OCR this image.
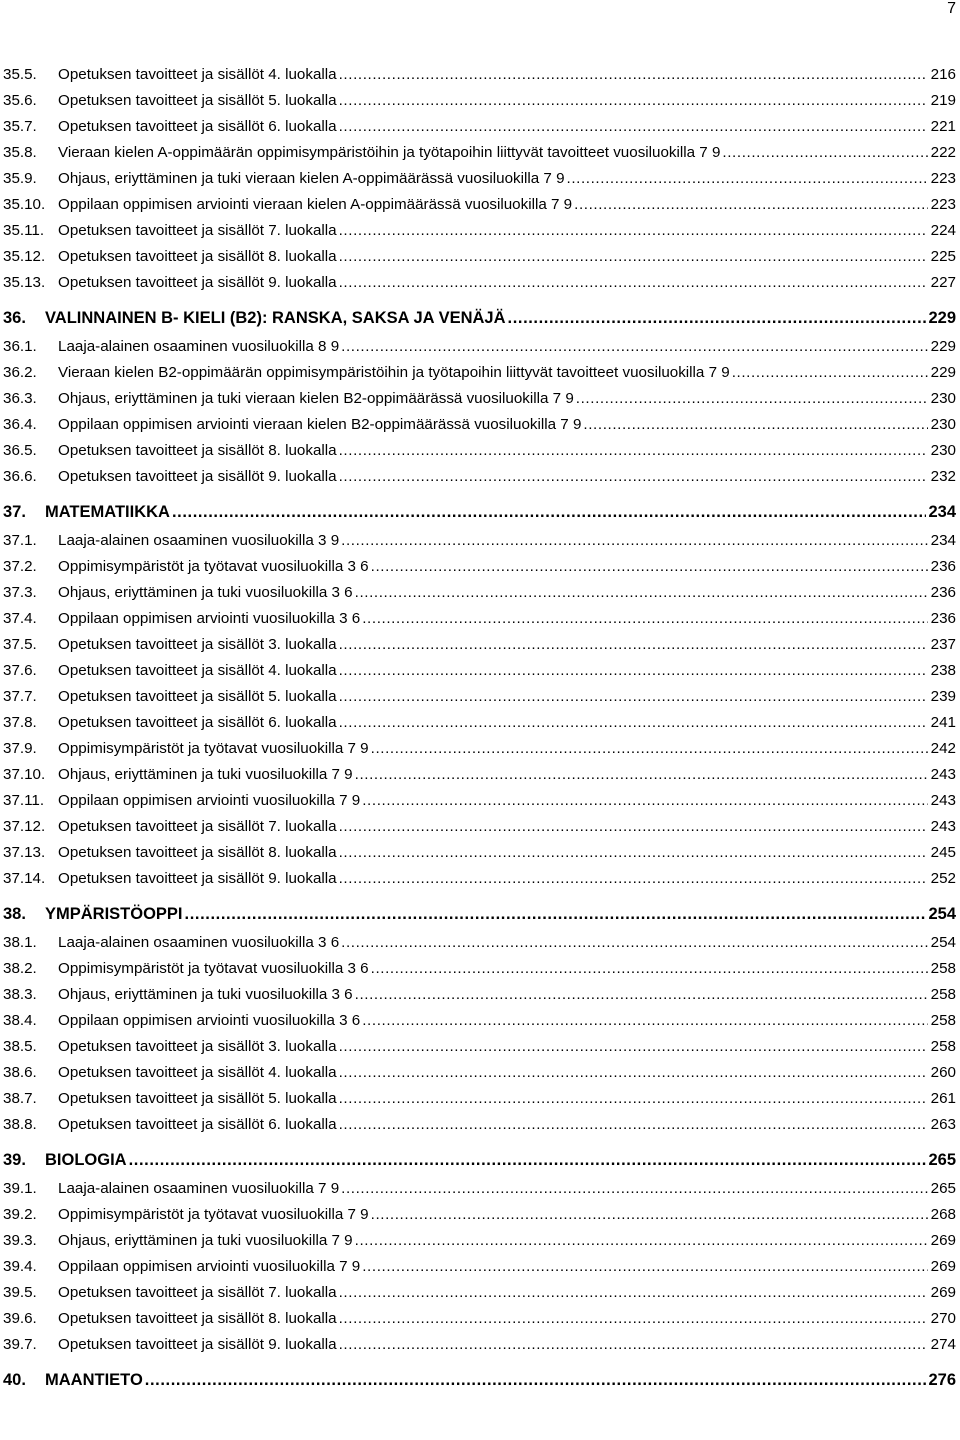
7
35.5.	Opetuksen tavoitteet ja sisällöt 4. luokalla .....	216
35.6.	Opetuksen tavoitteet ja sisällöt 5. luokalla .....	219
35.7.	Opetuksen tavoitteet ja sisällöt 6. luokalla .....	221
35.8.	Vieraan kielen A-oppimäärän oppimisympäristöihin ja työtapoihin liittyvät tavoitteet vuosiluokilla 7 9 .....	222
35.9.	Ohjaus, eriyttäminen ja tuki vieraan kielen A-oppimäärässä vuosiluokilla 7 9 .....	223
35.10. Oppilaan oppimisen arviointi vieraan kielen A-oppimäärässä vuosiluokilla 7 9 .....	223
35.11. Opetuksen tavoitteet ja sisällöt 7. luokalla .....	224
35.12. Opetuksen tavoitteet ja sisällöt 8. luokalla .....	225
35.13. Opetuksen tavoitteet ja sisällöt 9. luokalla .....	227
36.	VALINNAINEN B- KIELI (B2): RANSKA, SAKSA JA VENÄJÄ .....	229
36.1.	Laaja-alainen osaaminen vuosiluokilla 8 9 .....	229
36.2.	Vieraan kielen B2-oppimäärän oppimisympäristöihin ja työtapoihin liittyvät tavoitteet vuosiluokilla 7 9 .....	229
36.3.	Ohjaus, eriyttäminen ja tuki vieraan kielen B2-oppimäärässä vuosiluokilla 7 9 .....	230
36.4.	Oppilaan oppimisen arviointi vieraan kielen B2-oppimäärässä vuosiluokilla 7 9 .....	230
36.5.	Opetuksen tavoitteet ja sisällöt 8. luokalla .....	230
36.6.	Opetuksen tavoitteet ja sisällöt 9. luokalla .....	232
37.	MATEMATIIKKA .....	234
37.1.	Laaja-alainen osaaminen vuosiluokilla 3 9 .....	234
37.2.	Oppimisympäristöt ja työtavat vuosiluokilla 3 6 .....	236
37.3.	Ohjaus, eriyttäminen ja tuki vuosiluokilla 3 6 .....	236
37.4.	Oppilaan oppimisen arviointi vuosiluokilla 3 6 .....	236
37.5.	Opetuksen tavoitteet ja sisällöt 3. luokalla .....	237
37.6.	Opetuksen tavoitteet ja sisällöt 4. luokalla .....	238
37.7.	Opetuksen tavoitteet ja sisällöt 5. luokalla .....	239
37.8.	Opetuksen tavoitteet ja sisällöt 6. luokalla .....	241
37.9.	Oppimisympäristöt ja työtavat vuosiluokilla 7 9 .....	242
37.10. Ohjaus, eriyttäminen ja tuki vuosiluokilla 7 9 .....	243
37.11. Oppilaan oppimisen arviointi vuosiluokilla 7 9 .....	243
37.12. Opetuksen tavoitteet ja sisällöt 7. luokalla .....	243
37.13. Opetuksen tavoitteet ja sisällöt 8. luokalla .....	245
37.14. Opetuksen tavoitteet ja sisällöt 9. luokalla .....	252
38.	YMPÄRISTÖOPPI .....	254
38.1.	Laaja-alainen osaaminen vuosiluokilla 3 6 .....	254
38.2.	Oppimisympäristöt ja työtavat vuosiluokilla 3 6 .....	258
38.3.	Ohjaus, eriyttäminen ja tuki vuosiluokilla 3 6 .....	258
38.4.	Oppilaan oppimisen arviointi vuosiluokilla 3 6 .....	258
38.5.	Opetuksen tavoitteet ja sisällöt 3. luokalla .....	258
38.6.	Opetuksen tavoitteet ja sisällöt 4. luokalla .....	260
38.7.	Opetuksen tavoitteet ja sisällöt 5. luokalla .....	261
38.8.	Opetuksen tavoitteet ja sisällöt 6. luokalla .....	263
39.	BIOLOGIA .....	265
39.1.	Laaja-alainen osaaminen vuosiluokilla 7 9 .....	265
39.2.	Oppimisympäristöt ja työtavat vuosiluokilla 7 9 .....	268
39.3.	Ohjaus, eriyttäminen ja tuki vuosiluokilla 7 9 .....	269
39.4.	Oppilaan oppimisen arviointi vuosiluokilla 7 9 .....	269
39.5.	Opetuksen tavoitteet ja sisällöt 7. luokalla .....	269
39.6.	Opetuksen tavoitteet ja sisällöt 8. luokalla .....	270
39.7.	Opetuksen tavoitteet ja sisällöt 9. luokalla .....	274
40.	MAANTIETO .....	276
